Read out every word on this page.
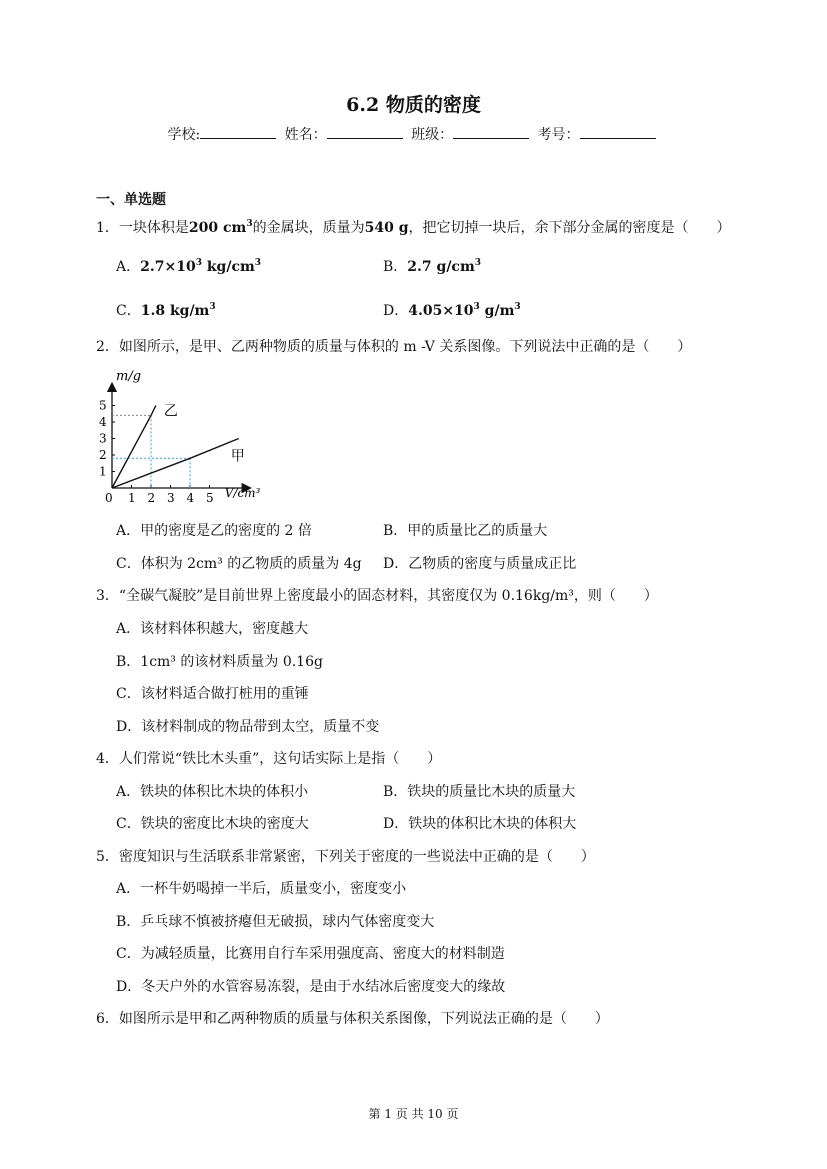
6.2 物质的密度
学校:	姓名：	班级：	考号：
一、单选题
1．一块体积是200 $cm^3$的金属块，质量为540 g，把它切掉一块后，余下部分金属的密度是（　　）
A．$2.7\times 10^3$ $kg/cm^3$	B．2.7 $g/cm^3$
C．1.8 $kg/m^3$	D．$4.05\times 10^3$ $g/m^3$
2．如图所示，是甲、乙两种物质的质量与体积的 m -V 关系图像。下列说法中正确的是（　　）
m/g
V/cm³
0 1 2 3 4 5
1
2
3
4
5	乙
甲
A．甲的密度是乙的密度的 2 倍	B．甲的质量比乙的质量大
C．体积为 2cm³ 的乙物质的质量为 4g D．乙物质的密度与质量成正比
3．“全碳气凝胶”是目前世界上密度最小的固态材料，其密度仅为 0.16kg/m³，则（　　）
A．该材料体积越大，密度越大
B．1cm³ 的该材料质量为 0.16g
C．该材料适合做打桩用的重锤
D．该材料制成的物品带到太空，质量不变
4．人们常说“铁比木头重”，这句话实际上是指（　　）
A．铁块的体积比木块的体积小	B．铁块的质量比木块的质量大
C．铁块的密度比木块的密度大	D．铁块的体积比木块的体积大
5．密度知识与生活联系非常紧密，下列关于密度的一些说法中正确的是（　　）
A．一杯牛奶喝掉一半后，质量变小，密度变小
B．乒乓球不慎被挤瘪但无破损，球内气体密度变大
C．为减轻质量，比赛用自行车采用强度高、密度大的材料制造
D．冬天户外的水管容易冻裂，是由于水结冰后密度变大的缘故
6．如图所示是甲和乙两种物质的质量与体积关系图像，下列说法正确的是（　　）
第 1 页 共 10 页
